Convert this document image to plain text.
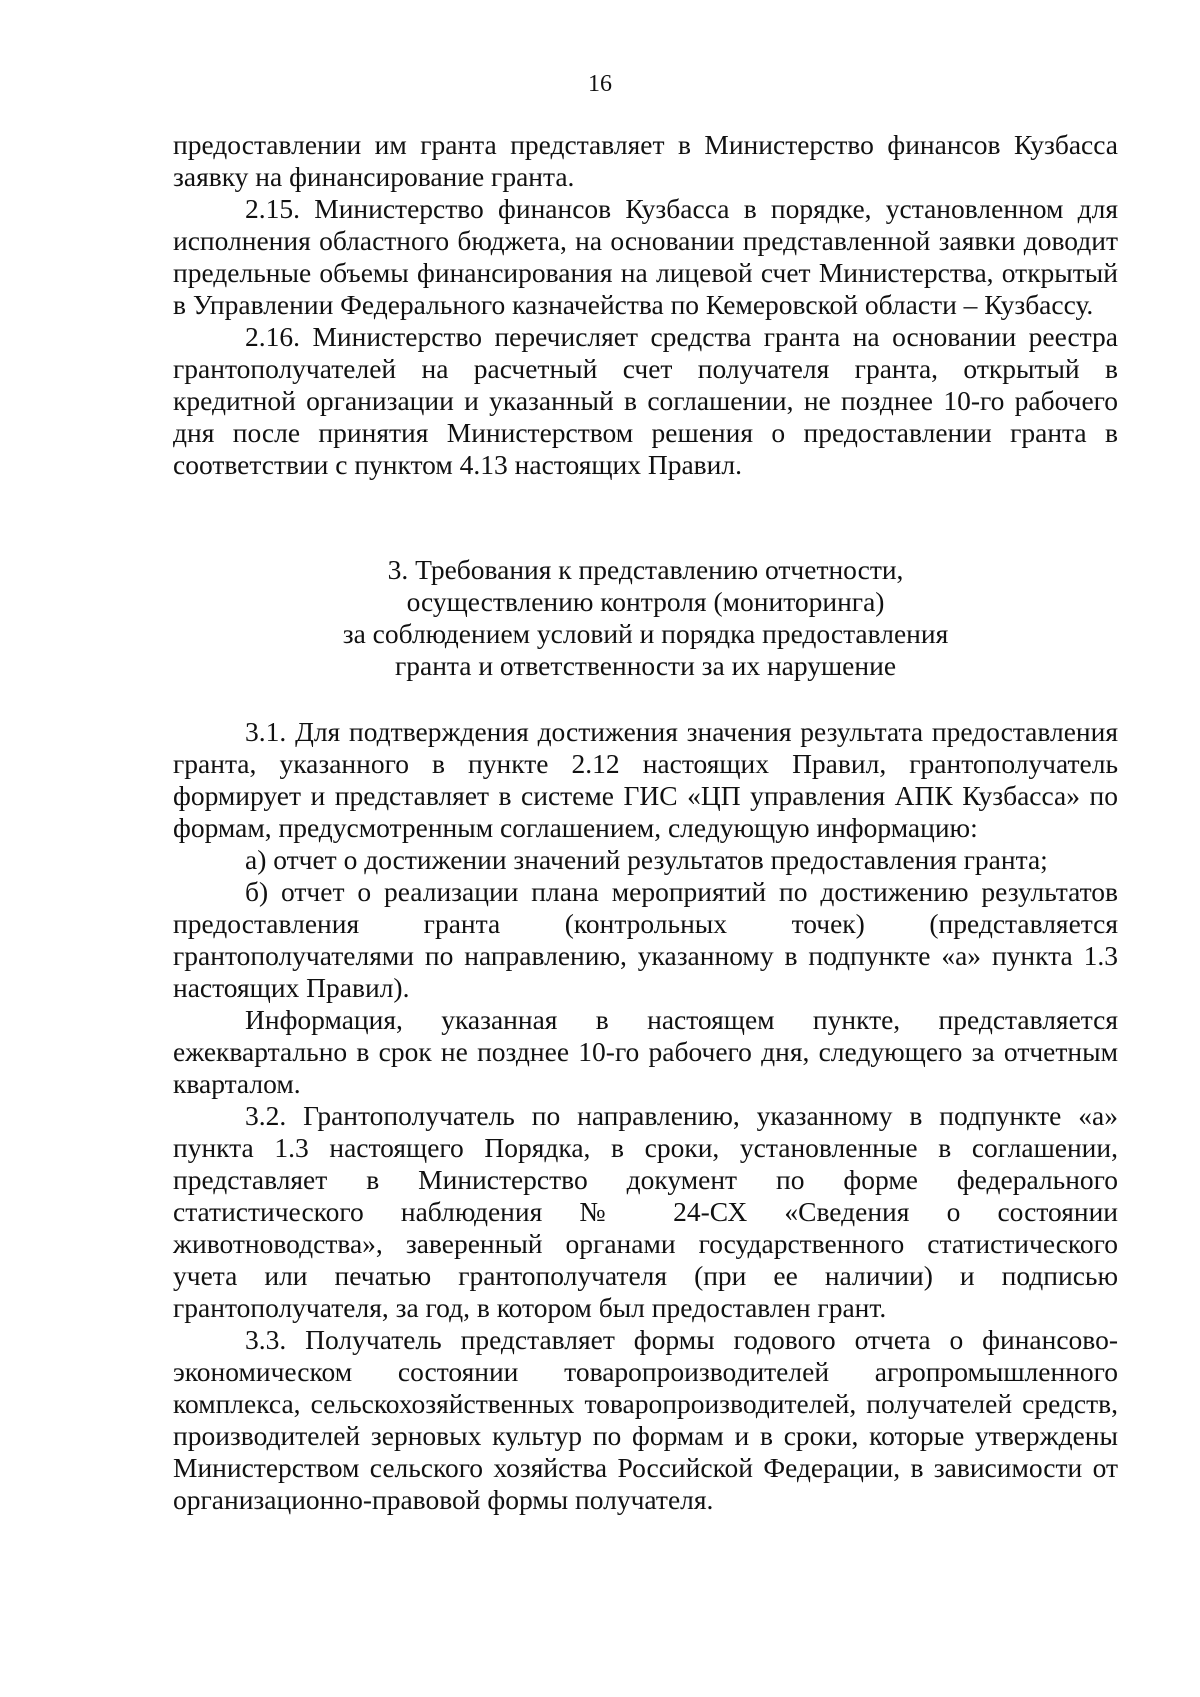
16

предоставлении им гранта представляет в Министерство финансов Кузбасса заявку на финансирование гранта.

2.15. Министерство финансов Кузбасса в порядке, установленном для исполнения областного бюджета, на основании представленной заявки доводит предельные объемы финансирования на лицевой счет Министерства, открытый в Управлении Федерального казначейства по Кемеровской области – Кузбассу.

2.16. Министерство перечисляет средства гранта на основании реестра грантополучателей на расчетный счет получателя гранта, открытый в кредитной организации и указанный в соглашении, не позднее 10-го рабочего дня после принятия Министерством решения о предоставлении гранта в соответствии с пунктом 4.13 настоящих Правил.

3. Требования к представлению отчетности,
осуществлению контроля (мониторинга)
за соблюдением условий и порядка предоставления
гранта и ответственности за их нарушение

3.1. Для подтверждения достижения значения результата предоставления гранта, указанного в пункте 2.12 настоящих Правил, грантополучатель формирует и представляет в системе ГИС «ЦП управления АПК Кузбасса» по формам, предусмотренным соглашением, следующую информацию:

а) отчет о достижении значений результатов предоставления гранта;

б) отчет о реализации плана мероприятий по достижению результатов предоставления гранта (контрольных точек) (представляется грантополучателями по направлению, указанному в подпункте «а» пункта 1.3 настоящих Правил).

Информация, указанная в настоящем пункте, представляется ежеквартально в срок не позднее 10-го рабочего дня, следующего за отчетным кварталом.

3.2. Грантополучатель по направлению, указанному в подпункте «а» пункта 1.3 настоящего Порядка, в сроки, установленные в соглашении, представляет в Министерство документ по форме федерального статистического наблюдения № 24-СХ «Сведения о состоянии животноводства», заверенный органами государственного статистического учета или печатью грантополучателя (при ее наличии) и подписью грантополучателя, за год, в котором был предоставлен грант.

3.3. Получатель представляет формы годового отчета о финансово-экономическом состоянии товаропроизводителей агропромышленного комплекса, сельскохозяйственных товаропроизводителей, получателей средств, производителей зерновых культур по формам и в сроки, которые утверждены Министерством сельского хозяйства Российской Федерации, в зависимости от организационно-правовой формы получателя.
